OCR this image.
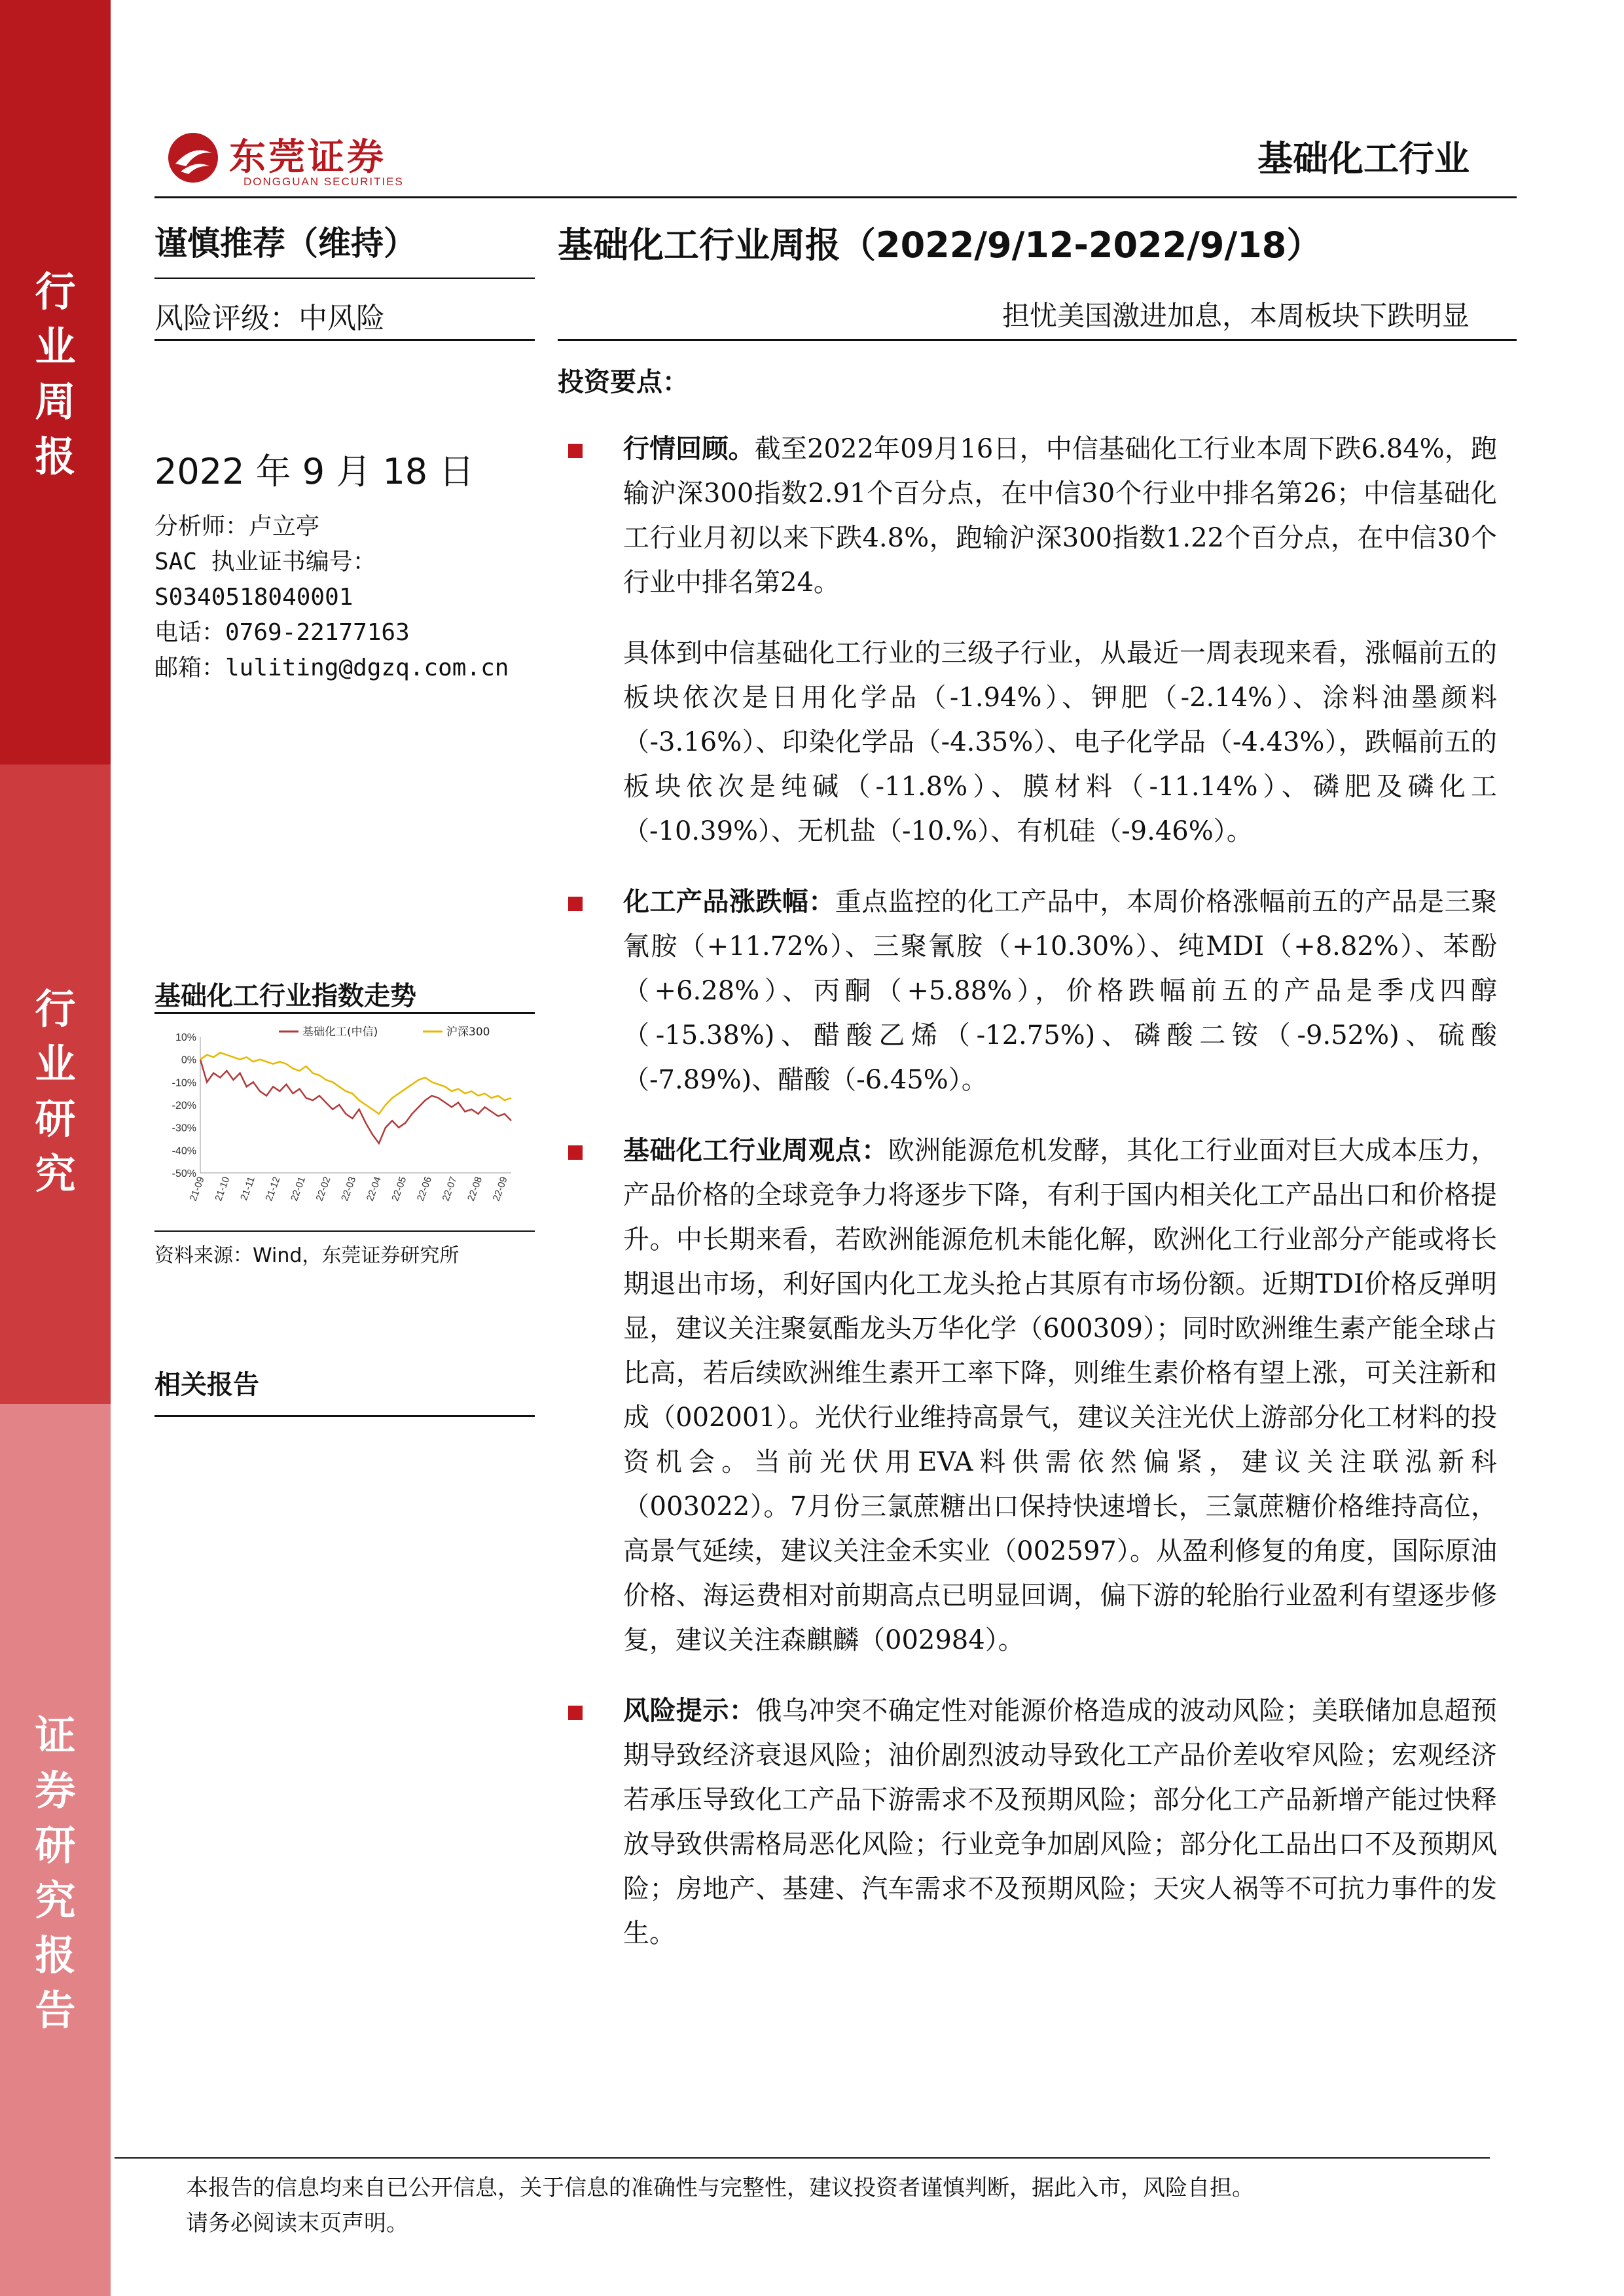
行
业
周
报
行
业
研
究
证
券
研
究
报
告
东莞证券
DONGGUAN SECURITIES
基础化工行业
谨慎推荐（维持）	基础化工行业周报（2022/9/12-2022/9/18）
风险评级：中风险	担忧美国激进加息，本周板块下跌明显
2022 年 9 月 18 日
分析师：卢立亭
SAC 执业证书编号：
S0340518040001
电话：0769-22177163
邮箱：luliting@dgzq.com.cn
基础化工行业指数走势
10%
0%
-10%
-20%
-30%
-40%
-50%
21-09 21-10 21-11 21-12 22-01 22-02 22-03 22-04 22-05 22-06 22-07 22-08 22-09
基础化工(中信)	沪深300
资料来源：Wind，东莞证券研究所
相关报告
投资要点：
行情回顾。截至2022年09月16日，中信基础化工行业本周下跌6.84%，跑输沪深300指数2.91个百分点，在中信30个行业中排名第26；中信基础化工行业月初以来下跌4.8%，跑输沪深300指数1.22个百分点，在中信30个行业中排名第24。
具体到中信基础化工行业的三级子行业，从最近一周表现来看，涨幅前五的板块依次是日用化学品（-1.94%）、钾肥（-2.14%）、涂料油墨颜料（-3.16%）、印染化学品（-4.35%）、电子化学品（-4.43%），跌幅前五的板块依次是纯碱（-11.8%）、膜材料（-11.14%）、磷肥及磷化工（-10.39%）、无机盐（-10.%）、有机硅（-9.46%）。
化工产品涨跌幅：重点监控的化工产品中，本周价格涨幅前五的产品是三聚氰胺（+11.72%）、三聚氰胺（+10.30%）、纯MDI（+8.82%）、苯酚（+6.28%）、丙酮（+5.88%），价格跌幅前五的产品是季戊四醇（-15.38%)、醋酸乙烯（-12.75%)、磷酸二铵（-9.52%)、硫酸（-7.89%)、醋酸（-6.45%）。
基础化工行业周观点：欧洲能源危机发酵，其化工行业面对巨大成本压力，产品价格的全球竞争力将逐步下降，有利于国内相关化工产品出口和价格提升。中长期来看，若欧洲能源危机未能化解，欧洲化工行业部分产能或将长期退出市场，利好国内化工龙头抢占其原有市场份额。近期TDI价格反弹明显，建议关注聚氨酯龙头万华化学（600309）；同时欧洲维生素产能全球占比高，若后续欧洲维生素开工率下降，则维生素价格有望上涨，可关注新和成（002001）。光伏行业维持高景气，建议关注光伏上游部分化工材料的投资机会。当前光伏用EVA料供需依然偏紧，建议关注联泓新科（003022）。7月份三氯蔗糖出口保持快速增长，三氯蔗糖价格维持高位，高景气延续，建议关注金禾实业（002597）。从盈利修复的角度，国际原油价格、海运费相对前期高点已明显回调，偏下游的轮胎行业盈利有望逐步修复，建议关注森麒麟（002984）。
风险提示：俄乌冲突不确定性对能源价格造成的波动风险；美联储加息超预期导致经济衰退风险；油价剧烈波动导致化工产品价差收窄风险；宏观经济若承压导致化工产品下游需求不及预期风险；部分化工产品新增产能过快释放导致供需格局恶化风险；行业竞争加剧风险；部分化工品出口不及预期风险；房地产、基建、汽车需求不及预期风险；天灾人祸等不可抗力事件的发生。
本报告的信息均来自已公开信息，关于信息的准确性与完整性，建议投资者谨慎判断，据此入市，风险自担。
请务必阅读末页声明。
